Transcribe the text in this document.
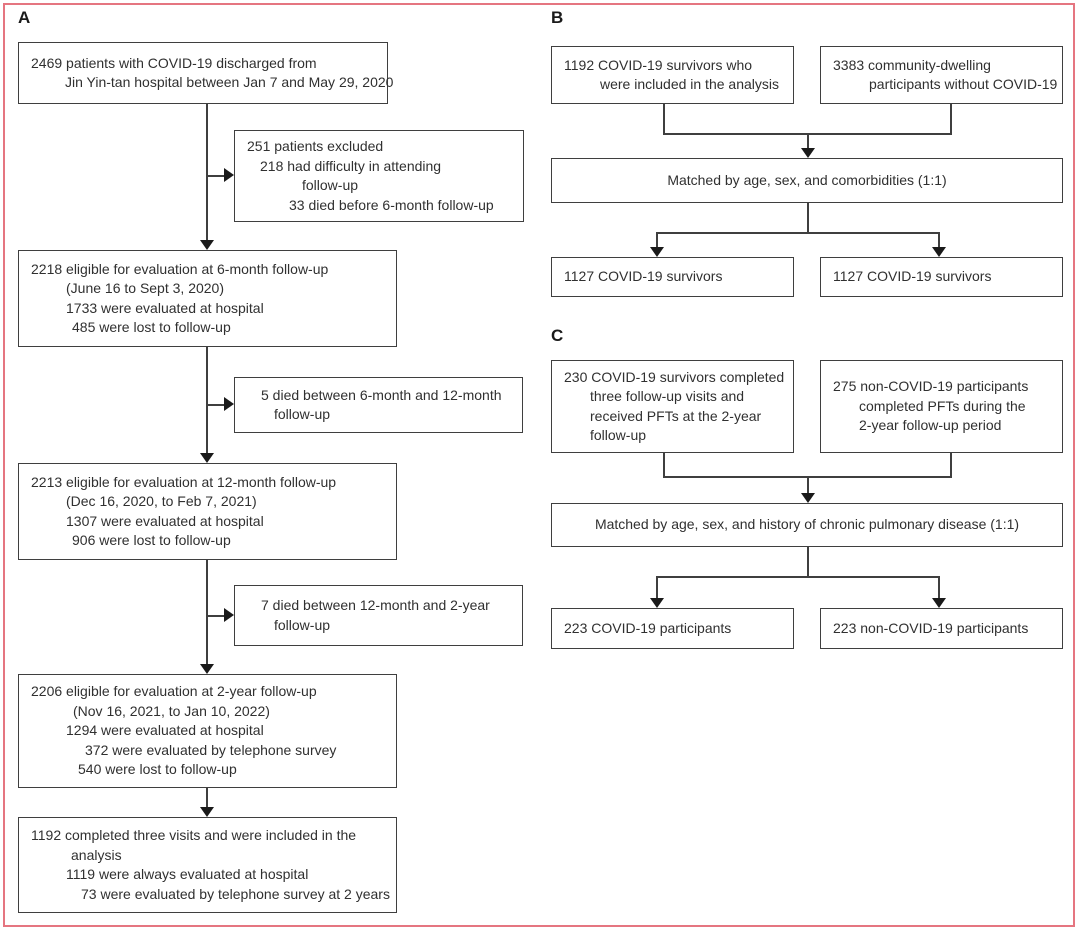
A
2469 patients with COVID-19 discharged from
Jin Yin-tan hospital between Jan 7 and May 29, 2020
251 patients excluded
218 had difficulty in attending
follow-up
33 died before 6-month follow-up
2218 eligible for evaluation at 6-month follow-up
(June 16 to Sept 3, 2020)
1733 were evaluated at hospital
485 were lost to follow-up
5 died between 6-month and 12-month
follow-up
2213 eligible for evaluation at 12-month follow-up
(Dec 16, 2020, to Feb 7, 2021)
1307 were evaluated at hospital
906 were lost to follow-up
7 died between 12-month and 2-year
follow-up
2206 eligible for evaluation at 2-year follow-up
(Nov 16, 2021, to Jan 10, 2022)
1294 were evaluated at hospital
372 were evaluated by telephone survey
540 were lost to follow-up
1192 completed three visits and were included in the
analysis
1119 were always evaluated at hospital
73 were evaluated by telephone survey at 2 years
B
1192 COVID-19 survivors who
were included in the analysis
3383 community-dwelling
participants without COVID-19
Matched by age, sex, and comorbidities (1:1)
1127 COVID-19 survivors	1127 COVID-19 survivors
C
230 COVID-19 survivors completed
three follow-up visits and
received PFTs at the 2-year
follow-up
275 non-COVID-19 participants
completed PFTs during the
2-year follow-up period
Matched by age, sex, and history of chronic pulmonary disease (1:1)
223 COVID-19 participants	223 non-COVID-19 participants
